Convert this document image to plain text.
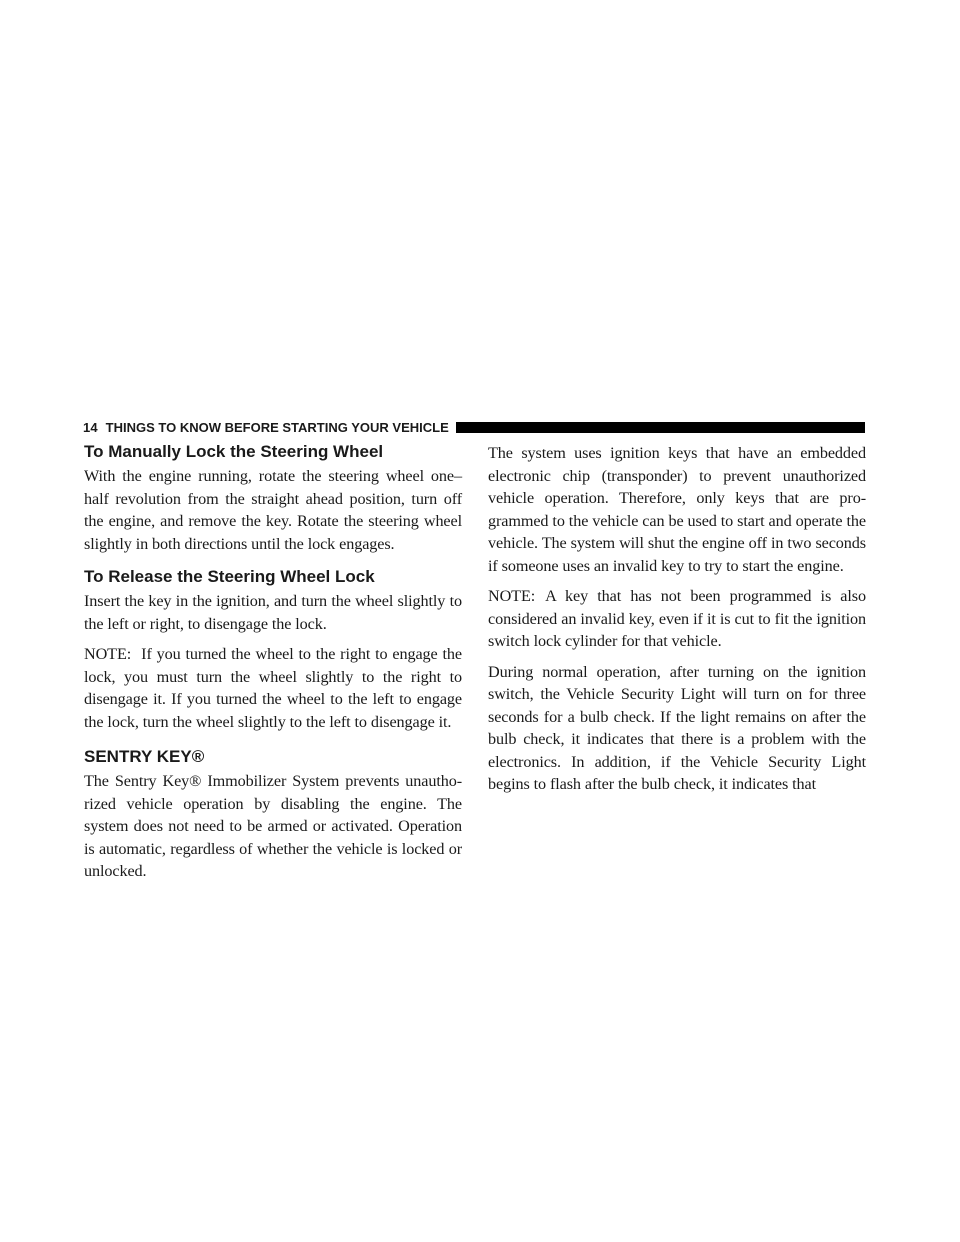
14 THINGS TO KNOW BEFORE STARTING YOUR VEHICLE
To Manually Lock the Steering Wheel

With the engine running, rotate the steering wheel one–half revolution from the straight ahead position, turn off the engine, and remove the key. Rotate the steering wheel slightly in both directions until the lock engages.

To Release the Steering Wheel Lock

Insert the key in the ignition, and turn the wheel slightly to the left or right, to disengage the lock.

NOTE: If you turned the wheel to the right to engage the lock, you must turn the wheel slightly to the right to disengage it. If you turned the wheel to the left to engage the lock, turn the wheel slightly to the left to disengage it.

SENTRY KEY®

The Sentry Key® Immobilizer System prevents unautho-rized vehicle operation by disabling the engine. The system does not need to be armed or activated. Operation is automatic, regardless of whether the vehicle is locked or unlocked.

The system uses ignition keys that have an embedded electronic chip (transponder) to prevent unauthorized vehicle operation. Therefore, only keys that are pro-grammed to the vehicle can be used to start and operate the vehicle. The system will shut the engine off in two seconds if someone uses an invalid key to try to start the engine.

NOTE: A key that has not been programmed is also considered an invalid key, even if it is cut to fit the ignition switch lock cylinder for that vehicle.

During normal operation, after turning on the ignition switch, the Vehicle Security Light will turn on for three seconds for a bulb check. If the light remains on after the bulb check, it indicates that there is a problem with the electronics. In addition, if the Vehicle Security Light begins to flash after the bulb check, it indicates that
